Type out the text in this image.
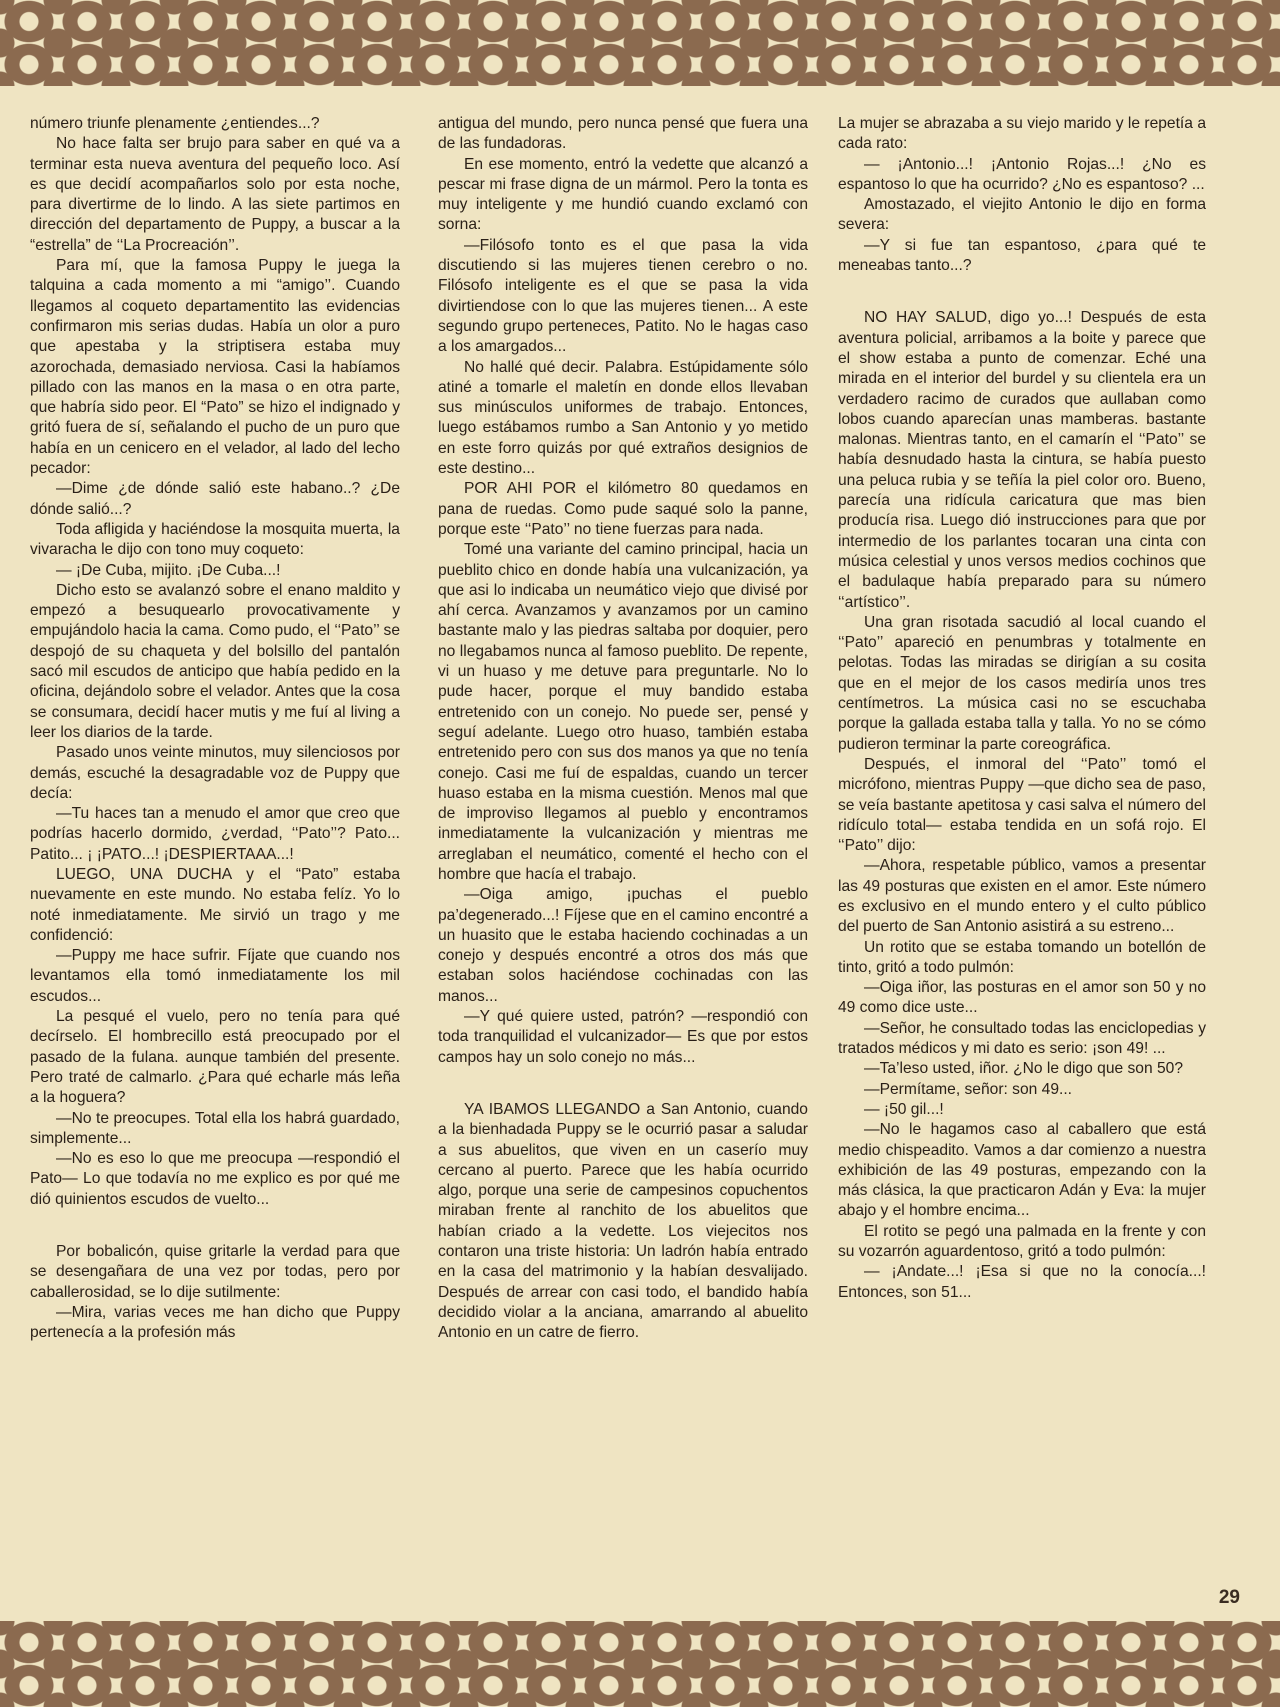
número triunfe plenamente ¿entiendes...?

No hace falta ser brujo para saber en qué va a terminar esta nueva aventura del pequeño loco. Así es que decidí acompañarlos solo por esta noche, para divertirme de lo lindo. A las siete partimos en dirección del departamento de Puppy, a buscar a la “estrella” de ‘‘La Procreación’’.

Para mí, que la famosa Puppy le juega la talquina a cada momento a mi “amigo’’. Cuando llegamos al coqueto departamentito las evidencias confirmaron mis serias dudas. Había un olor a puro que apestaba y la striptisera estaba muy azorochada, demasiado nerviosa. Casi la habíamos pillado con las manos en la masa o en otra parte, que habría sido peor. El “Pato” se hizo el indignado y gritó fuera de sí, señalando el pucho de un puro que había en un cenicero en el velador, al lado del lecho pecador:

—Dime ¿de dónde salió este habano..? ¿De dónde salió...?

Toda afligida y haciéndose la mosquita muerta, la vivaracha le dijo con tono muy coqueto:

— ¡De Cuba, mijito. ¡De Cuba...!

Dicho esto se avalanzó sobre el enano maldito y empezó a besuquearlo provocativamente y empujándolo hacia la cama. Como pudo, el ‘‘Pato’’ se despojó de su chaqueta y del bolsillo del pantalón sacó mil escudos de anticipo que había pedido en la oficina, dejándolo sobre el velador. Antes que la cosa se consumara, decidí hacer mutis y me fuí al living a leer los diarios de la tarde.

Pasado unos veinte minutos, muy silenciosos por demás, escuché la desagradable voz de Puppy que decía:

—Tu haces tan a menudo el amor que creo que podrías hacerlo dormido, ¿verdad, ‘‘Pato’’? Pato... Patito... ¡ ¡PATO...! ¡DESPIERTAAA...!

LUEGO, UNA DUCHA y el “Pato” estaba nuevamente en este mundo. No estaba felíz. Yo lo noté inmediatamente. Me sirvió un trago y me confidenció:

—Puppy me hace sufrir. Fíjate que cuando nos levantamos ella tomó inmediatamente los mil escudos...

La pesqué el vuelo, pero no tenía para qué decírselo. El hombrecillo está preocupado por el pasado de la fulana. aunque también del presente. Pero traté de calmarlo. ¿Para qué echarle más leña a la hoguera?

—No te preocupes. Total ella los habrá guardado, simplemente...

—No es eso lo que me preocupa —respondió el Pato— Lo que todavía no me explico es por qué me dió quinientos escudos de vuelto...

Por bobalicón, quise gritarle la verdad para que se desengañara de una vez por todas, pero por caballerosidad, se lo dije sutilmente:

—Mira, varias veces me han dicho que Puppy pertenecía a la profesión más

antigua del mundo, pero nunca pensé que fuera una de las fundadoras.

En ese momento, entró la vedette que alcanzó a pescar mi frase digna de un mármol. Pero la tonta es muy inteligente y me hundió cuando exclamó con sorna:

—Filósofo tonto es el que pasa la vida discutiendo si las mujeres tienen cerebro o no. Filósofo inteligente es el que se pasa la vida divirtiendose con lo que las mujeres tienen... A este segundo grupo perteneces, Patito. No le hagas caso a los amargados...

No hallé qué decir. Palabra. Estúpidamente sólo atiné a tomarle el maletín en donde ellos llevaban sus minúsculos uniformes de trabajo. Entonces, luego estábamos rumbo a San Antonio y yo metido en este forro quizás por qué extraños designios de este destino...

POR AHI POR el kilómetro 80 quedamos en pana de ruedas. Como pude saqué solo la panne, porque este ‘‘Pato’’ no tiene fuerzas para nada.

Tomé una variante del camino principal, hacia un pueblito chico en donde había una vulcanización, ya que asi lo indicaba un neumático viejo que divisé por ahí cerca. Avanzamos y avanzamos por un camino bastante malo y las piedras saltaba por doquier, pero no llegabamos nunca al famoso pueblito. De repente, vi un huaso y me detuve para preguntarle. No lo pude hacer, porque el muy bandido estaba entretenido con un conejo. No puede ser, pensé y seguí adelante. Luego otro huaso, también estaba entretenido pero con sus dos manos ya que no tenía conejo. Casi me fuí de espaldas, cuando un tercer huaso estaba en la misma cuestión. Menos mal que de improviso llegamos al pueblo y encontramos inmediatamente la vulcanización y mientras me arreglaban el neumático, comenté el hecho con el hombre que hacía el trabajo.

—Oiga amigo, ¡puchas el pueblo pa’degenerado...! Fíjese que en el camino encontré a un huasito que le estaba haciendo cochinadas a un conejo y después encontré a otros dos más que estaban solos haciéndose cochinadas con las manos...

—Y qué quiere usted, patrón? —respondió con toda tranquilidad el vulcanizador— Es que por estos campos hay un solo conejo no más...

YA IBAMOS LLEGANDO a San Antonio, cuando a la bienhadada Puppy se le ocurrió pasar a saludar a sus abuelitos, que viven en un caserío muy cercano al puerto. Parece que les había ocurrido algo, porque una serie de campesinos copuchentos miraban frente al ranchito de los abuelitos que habían criado a la vedette. Los viejecitos nos contaron una triste historia: Un ladrón había entrado en la casa del matrimonio y la habían desvalijado. Después de arrear con casi todo, el bandido había decidido violar a la anciana, amarrando al abuelito Antonio en un catre de fierro.

La mujer se abrazaba a su viejo marido y le repetía a cada rato:

— ¡Antonio...! ¡Antonio Rojas...! ¿No es espantoso lo que ha ocurrido? ¿No es espantoso? ...

Amostazado, el viejito Antonio le dijo en forma severa:

—Y si fue tan espantoso, ¿para qué te meneabas tanto...?

NO HAY SALUD, digo yo...! Después de esta aventura policial, arribamos a la boite y parece que el show estaba a punto de comenzar. Eché una mirada en el interior del burdel y su clientela era un verdadero racimo de curados que aullaban como lobos cuando aparecían unas mamberas. bastante malonas. Mientras tanto, en el camarín el ‘‘Pato’’ se había desnudado hasta la cintura, se había puesto una peluca rubia y se teñía la piel color oro. Bueno, parecía una ridícula caricatura que mas bien producía risa. Luego dió instrucciones para que por intermedio de los parlantes tocaran una cinta con música celestial y unos versos medios cochinos que el badulaque había preparado para su número ‘‘artístico’’.

Una gran risotada sacudió al local cuando el ‘‘Pato’’ apareció en penumbras y totalmente en pelotas. Todas las miradas se dirigían a su cosita que en el mejor de los casos mediría unos tres centímetros. La música casi no se escuchaba porque la gallada estaba talla y talla. Yo no se cómo pudieron terminar la parte coreográfica.

Después, el inmoral del ‘‘Pato’’ tomó el micrófono, mientras Puppy —que dicho sea de paso, se veía bastante apetitosa y casi salva el número del ridículo total— estaba tendida en un sofá rojo. El ‘‘Pato’’ dijo:

—Ahora, respetable público, vamos a presentar las 49 posturas que existen en el amor. Este número es exclusivo en el mundo entero y el culto público del puerto de San Antonio asistirá a su estreno...

Un rotito que se estaba tomando un botellón de tinto, gritó a todo pulmón:

—Oiga iñor, las posturas en el amor son 50 y no 49 como dice uste...

—Señor, he consultado todas las enciclopedias y tratados médicos y mi dato es serio: ¡son 49! ...

—Ta’leso usted, iñor. ¿No le digo que son 50?

—Permítame, señor: son 49...

— ¡50 gil...!

—No le hagamos caso al caballero que está medio chispeadito. Vamos a dar comienzo a nuestra exhibición de las 49 posturas, empezando con la más clásica, la que practicaron Adán y Eva: la mujer abajo y el hombre encima...

El rotito se pegó una palmada en la frente y con su vozarrón aguardentoso, gritó a todo pulmón:

— ¡Andate...! ¡Esa si que no la conocía...! Entonces, son 51...

29
